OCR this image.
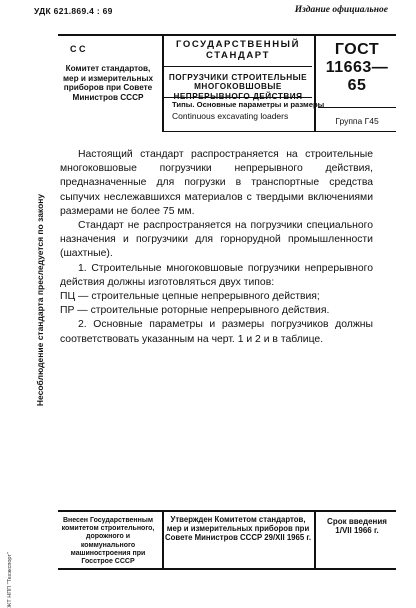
УДК 621.869.4 : 69	Издание официальное
С С
Комитет стандартов, мер и измерительных приборов при Совете Министров СССР
ГОСУДАРСТВЕННЫЙ СТАНДАРТ
ПОГРУЗЧИКИ СТРОИТЕЛЬНЫЕ МНОГОКОВШОВЫЕ НЕПРЕРЫВНОГО ДЕЙСТВИЯ
Типы. Основные параметры и размеры
Continuous excavating loaders
ГОСТ 11663—65
Группа Г45
Несоблюдение стандарта преследуется по закону

Настоящий стандарт распространяется на строительные многоковшовые погрузчики непрерывного действия, предназначенные для погрузки в транспортные средства сыпучих неслежавшихся материалов с твердыми включениями размерами не более 75 мм.

Стандарт не распространяется на погрузчики специального назначения и погрузчики для горнорудной промышленности (шахтные).

1. Строительные многоковшовые погрузчики непрерывного действия должны изготовляться двух типов:

ПЦ — строительные цепные непрерывного действия;

ПР — строительные роторные непрерывного действия.

2. Основные параметры и размеры погрузчиков должны соответствовать указанным на черт. 1 и 2 и в таблице.

Внесен Государственным комитетом строительного, дорожного и коммунального машиностроения при Госстрое СССР
Утвержден Комитетом стандартов, мер и измерительных приборов при Совете Министров СССР 29/XII 1965 г.
Срок введения 1/VII 1966 г.
ЖТ НПП "Техэкспорт"
